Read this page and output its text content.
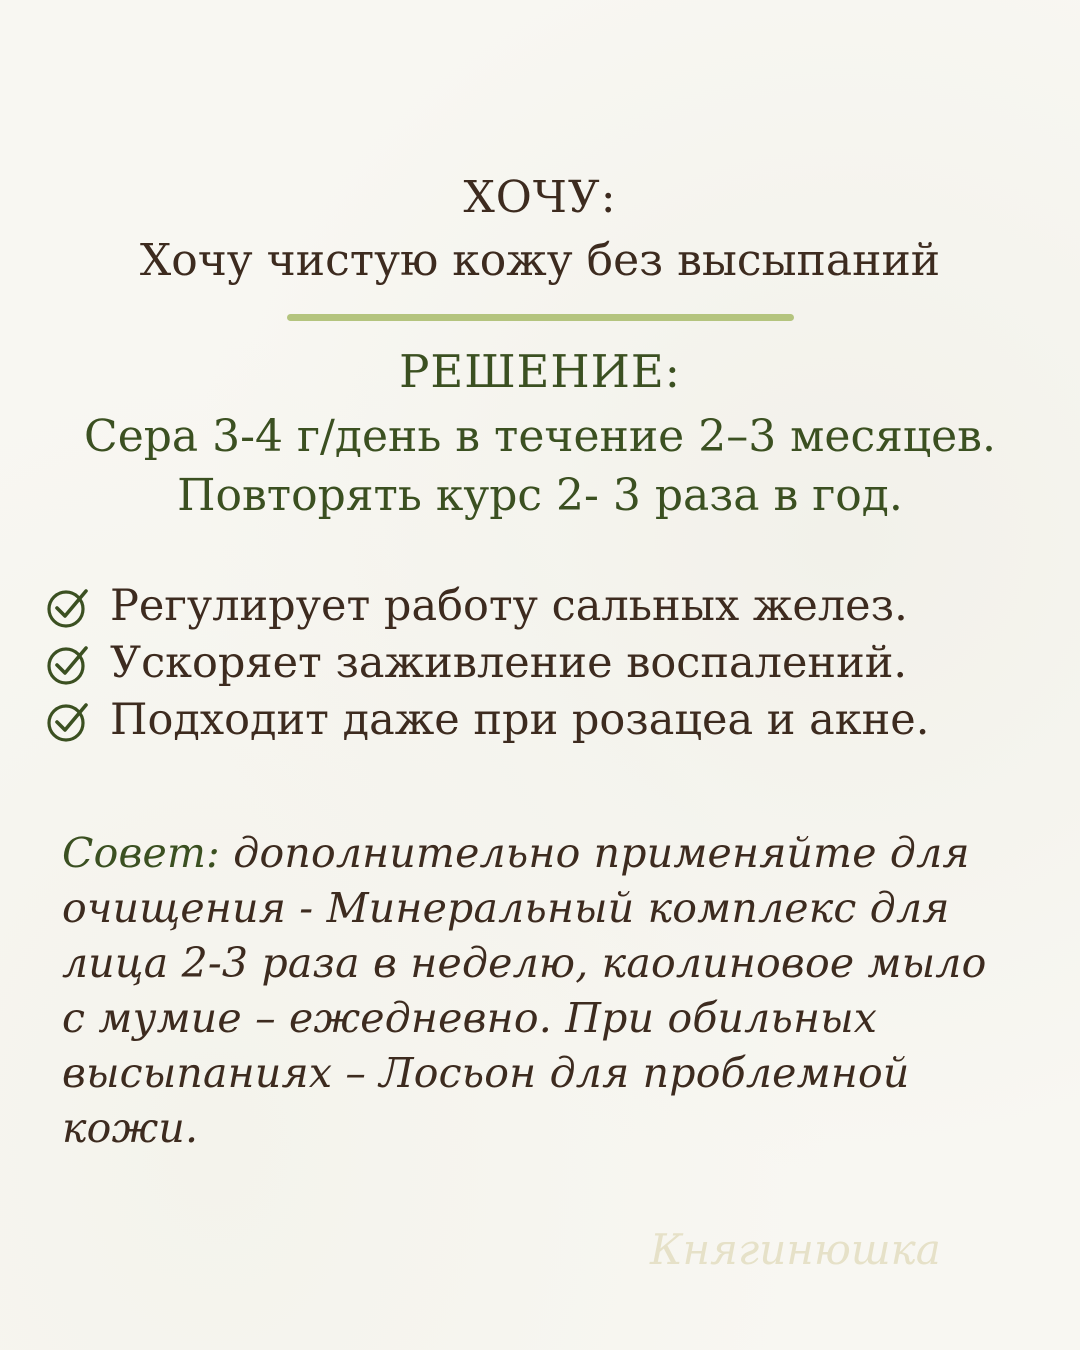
ХОЧУ:
Хочу чистую кожу без высыпаний
РЕШЕНИЕ:
Сера 3-4 г/день в течение 2–3 месяцев.
Повторять курс 2- 3 раза в год.
Регулирует работу сальных желез.
Ускоряет заживление воспалений.
Подходит даже при розацеа и акне.
Совет: дополнительно применяйте для
очищения - Минеральный комплекс для
лица 2-3 раза в неделю, каолиновое мыло
с мумие – ежедневно. При обильных
высыпаниях – Лосьон для проблемной
кожи.
Княгинюшка
